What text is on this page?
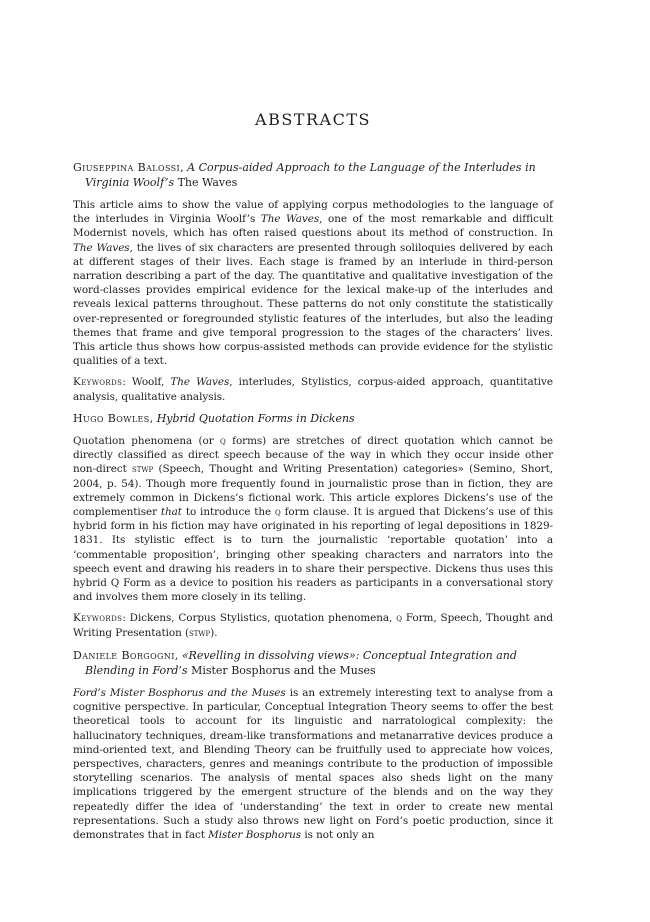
ABSTRACTS

Giuseppina Balossi, A Corpus-aided Approach to the Language of the Interludes in Virginia Woolf’s The Waves

This article aims to show the value of applying corpus methodologies to the language of the interludes in Virginia Woolf’s The Waves, one of the most remarkable and difficult Modernist novels, which has often raised questions about its method of construction. In The Waves, the lives of six characters are presented through soliloquies delivered by each at different stages of their lives. Each stage is framed by an interlude in third-person narration describing a part of the day. The quantitative and qualitative investigation of the word-classes provides empirical evidence for the lexical make-up of the interludes and reveals lexical patterns throughout. These patterns do not only constitute the statistically over-represented or foregrounded stylistic features of the interludes, but also the leading themes that frame and give temporal progression to the stages of the characters’ lives. This article thus shows how corpus-assisted methods can provide evidence for the stylistic qualities of a text.

Keywords: Woolf, The Waves, interludes, Stylistics, corpus-aided approach, quantitative analysis, qualitative analysis.

Hugo Bowles, Hybrid Quotation Forms in Dickens

Quotation phenomena (or q forms) are stretches of direct quotation which cannot be directly classified as direct speech because of the way in which they occur inside other non-direct stwp (Speech, Thought and Writing Presentation) categories» (Semino, Short, 2004, p. 54). Though more frequently found in journalistic prose than in fiction, they are extremely common in Dickens’s fictional work. This article explores Dickens’s use of the complementiser that to introduce the q form clause. It is argued that Dickens’s use of this hybrid form in his fiction may have originated in his reporting of legal depositions in 1829-1831. Its stylistic effect is to turn the journalistic ‘reportable quotation’ into a ‘commentable proposition’, bringing other speaking characters and narrators into the speech event and drawing his readers in to share their perspective. Dickens thus uses this hybrid Q Form as a device to position his readers as participants in a conversational story and involves them more closely in its telling.

Keywords: Dickens, Corpus Stylistics, quotation phenomena, q Form, Speech, Thought and Writing Presentation (stwp).

Daniele Borgogni, «Revelling in dissolving views»: Conceptual Integration and Blending in Ford’s Mister Bosphorus and the Muses

Ford’s Mister Bosphorus and the Muses is an extremely interesting text to analyse from a cognitive perspective. In particular, Conceptual Integration Theory seems to offer the best theoretical tools to account for its linguistic and narratological complexity: the hallucinatory techniques, dream-like transformations and metanarrative devices produce a mind-oriented text, and Blending Theory can be fruitfully used to appreciate how voices, perspectives, characters, genres and meanings contribute to the production of impossible storytelling scenarios. The analysis of mental spaces also sheds light on the many implications triggered by the emergent structure of the blends and on the way they repeatedly differ the idea of ‘understanding’ the text in order to create new mental representations. Such a study also throws new light on Ford’s poetic production, since it demonstrates that in fact Mister Bosphorus is not only an
